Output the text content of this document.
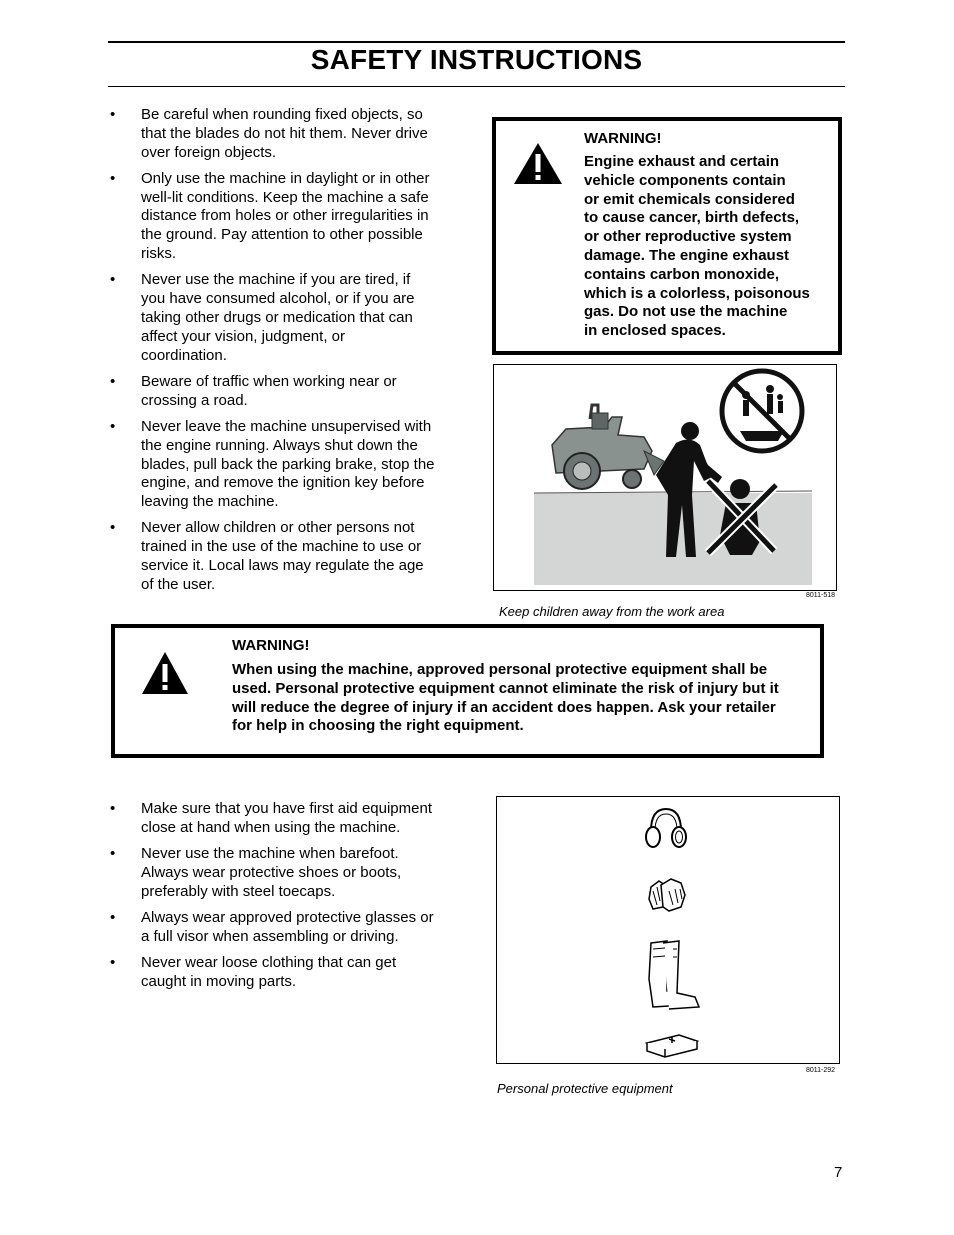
SAFETY INSTRUCTIONS
• Be careful when rounding fixed objects, so that the blades do not hit them. Never drive over foreign objects.
• Only use the machine in daylight or in other well-lit conditions. Keep the machine a safe distance from holes or other irregularities in the ground. Pay attention to other possible risks.
• Never use the machine if you are tired, if you have consumed alcohol, or if you are taking other drugs or medication that can affect your vision, judgment, or coordination.
• Beware of traffic when working near or crossing a road.
• Never leave the machine unsupervised with the engine running. Always shut down the blades, pull back the parking brake, stop the engine, and remove the ignition key before leaving the machine.
• Never allow children or other persons not trained in the use of the machine to use or service it. Local laws may regulate the age of the user.
WARNING!
Engine exhaust and certain
vehicle components contain
or emit chemicals considered
to cause cancer, birth defects,
or other reproductive system
damage. The engine exhaust
contains carbon monoxide,
which is a colorless, poisonous
gas. Do not use the machine
in enclosed spaces.
8011-518
Keep children away from the work area
WARNING!
When using the machine, approved personal protective equipment shall be
used. Personal protective equipment cannot eliminate the risk of injury but it
will reduce the degree of injury if an accident does happen. Ask your retailer
for help in choosing the right equipment.
• Make sure that you have first aid equipment close at hand when using the machine.
• Never use the machine when barefoot. Always wear protective shoes or boots, preferably with steel toecaps.
• Always wear approved protective glasses or a full visor when assembling or driving.
• Never wear loose clothing that can get caught in moving parts.
8011-292
Personal protective equipment
7
